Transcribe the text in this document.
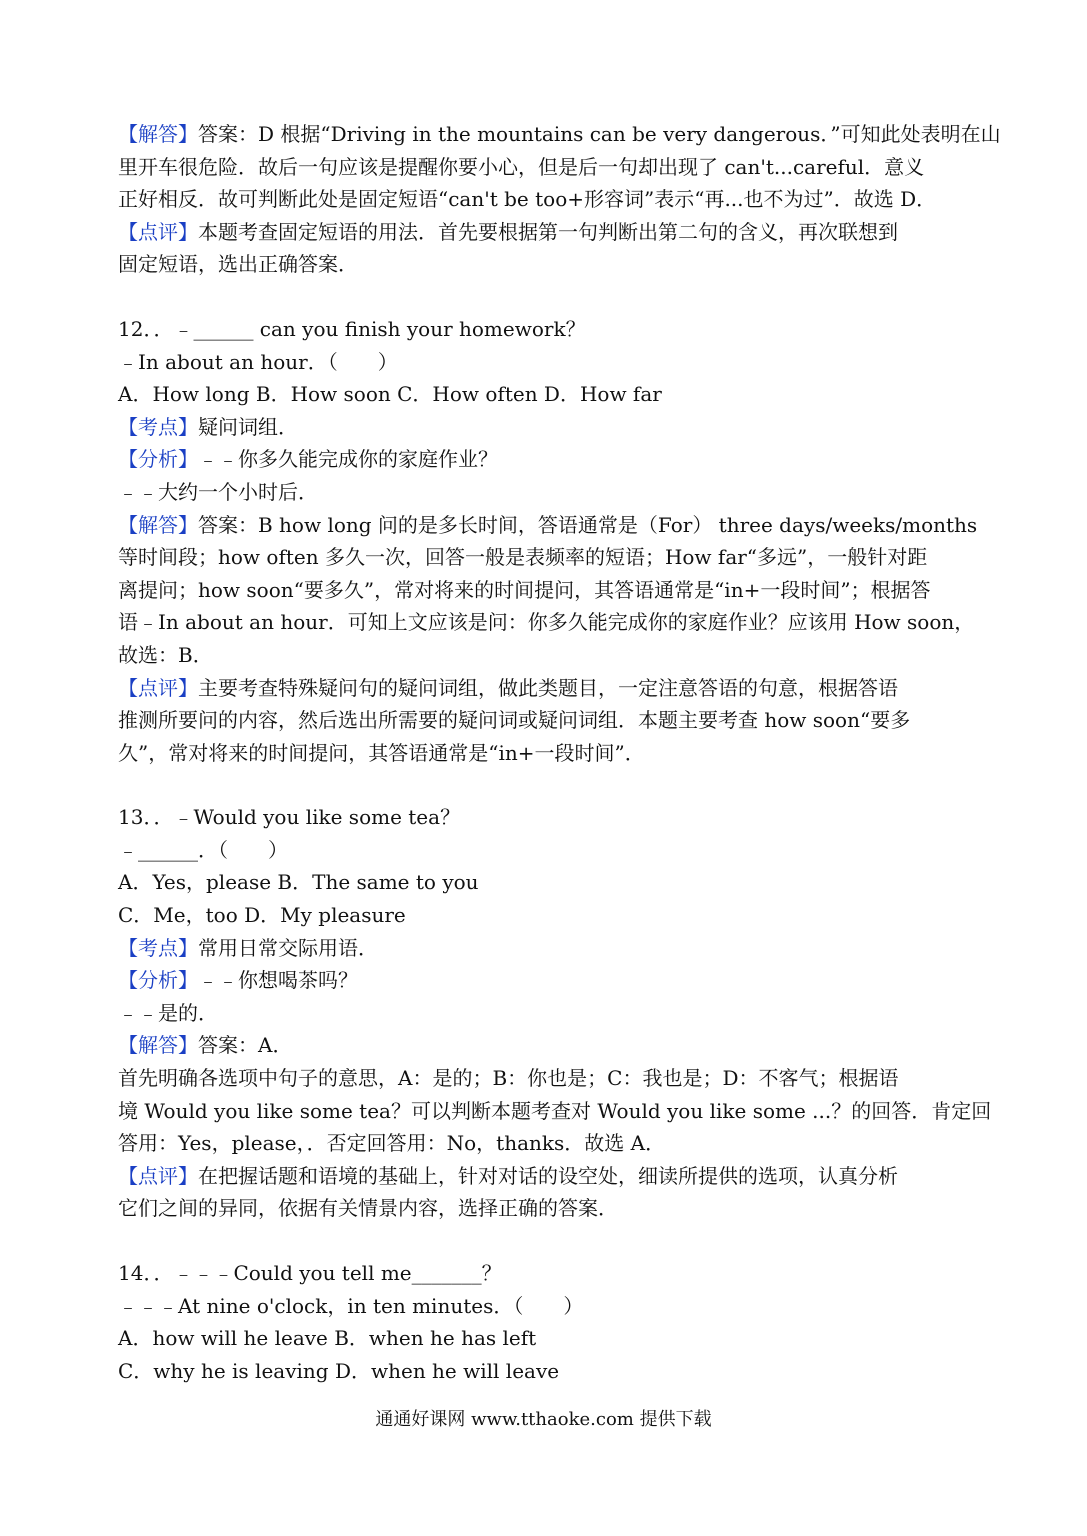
【解答】答案：D 根据“Driving in the mountains can be very dangerous．”可知此处表明在山
里开车很危险．故后一句应该是提醒你要小心，但是后一句却出现了 can't...careful．意义
正好相反．故可判断此处是固定短语“can't be too+形容词”表示“再...也不为过”．故选 D．
【点评】本题考查固定短语的用法．首先要根据第一句判断出第二句的含义，再次联想到
固定短语，选出正确答案．
12．．﹣______ can you finish your homework？
﹣In about an hour．（　　）
A．How long B．How soon C．How often D．How far
【考点】疑问词组．
【分析】﹣﹣你多久能完成你的家庭作业？
﹣﹣大约一个小时后．
【解答】答案：B how long 问的是多长时间，答语通常是（For） three days/weeks/months
等时间段；how often 多久一次，回答一般是表频率的短语；How far“多远”，一般针对距
离提问；how soon“要多久”，常对将来的时间提问，其答语通常是“in+一段时间”；根据答
语﹣In about an hour．可知上文应该是问：你多久能完成你的家庭作业？应该用 How soon，
故选：B．
【点评】主要考查特殊疑问句的疑问词组，做此类题目，一定注意答语的句意，根据答语
推测所要问的内容，然后选出所需要的疑问词或疑问词组．本题主要考查 how soon“要多
久”，常对将来的时间提问，其答语通常是“in+一段时间”．
13．．﹣Would you like some tea？
﹣______．（　　）
A．Yes，please B．The same to you
C．Me，too D．My pleasure
【考点】常用日常交际用语．
【分析】﹣﹣你想喝茶吗？
﹣﹣是的．
【解答】答案：A．
首先明确各选项中句子的意思，A：是的；B：你也是；C：我也是；D：不客气；根据语
境 Would you like some tea？可以判断本题考查对 Would you like some ...？的回答．肯定回
答用：Yes，please，．否定回答用：No，thanks．故选 A．
【点评】在把握话题和语境的基础上，针对对话的设空处，细读所提供的选项，认真分析
它们之间的异同，依据有关情景内容，选择正确的答案．
14．．﹣﹣﹣Could you tell me_______？
﹣﹣﹣At nine o'clock，in ten minutes．（　　）
A．how will he leave B．when he has left
C．why he is leaving D．when he will leave
通通好课网 www.tthaoke.com 提供下载
